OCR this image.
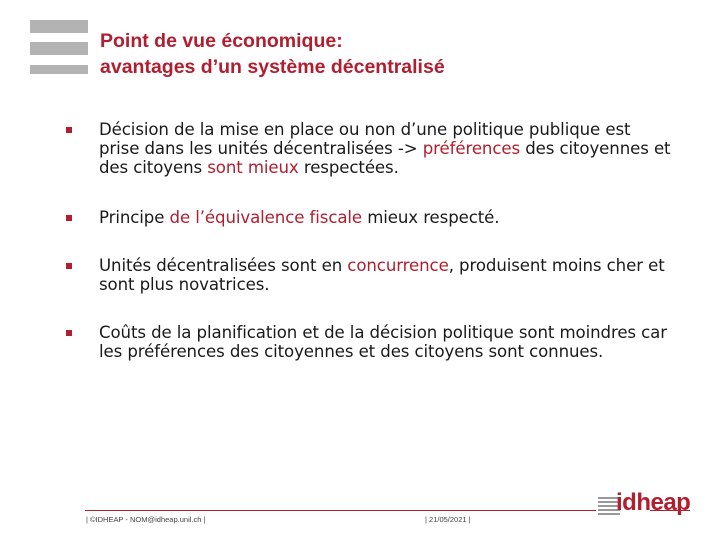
Point de vue économique:
avantages d’un système décentralisé
Décision de la mise en place ou non d’une politique publique est prise dans les unités décentralisées -> préférences des citoyennes et des citoyens sont mieux respectées.
Principe de l’équivalence fiscale mieux respecté.
Unités décentralisées sont en concurrence, produisent moins cher et sont plus novatrices.
Coûts de la planification et de la décision politique sont moindres car les préférences des citoyennes et des citoyens sont connues.
| ©IDHEAP - NOM@idheap.unil.ch |	| 21/05/2021 |
idheap
